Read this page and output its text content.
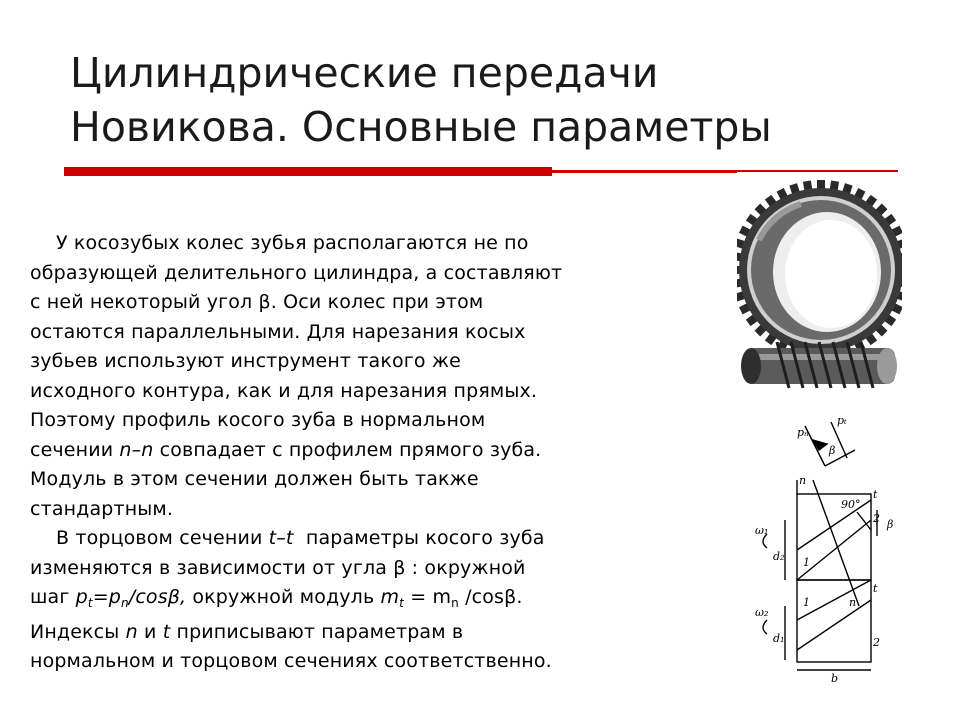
Цилиндрические передачи
Новикова. Основные параметры

У косозубых колес зубья располагаются не по
образующей делительного цилиндра, а составляют
с ней некоторый угол β. Оси колес при этом
остаются параллельными. Для нарезания косых
зубьев используют инструмент такого же
исходного контура, как и для нарезания прямых.
Поэтому профиль косого зуба в нормальном
сечении n–n совпадает с профилем прямого зуба.
Модуль в этом сечении должен быть также
стандартным.

В торцовом сечении t–t  параметры косого зуба
изменяются в зависимости от угла β : окружной
шаг $p_t=p_n$/cosβ, окружной модуль $m_t = m_n$ /cosβ.

Индексы n и t приписывают параметрам в
нормальном и торцовом сечениях соответственно.

pₙ
pₜ
β
n
t
90°
2 β
1
n
t
1
2
ω₁
ω₂
d₂
d₁
b
